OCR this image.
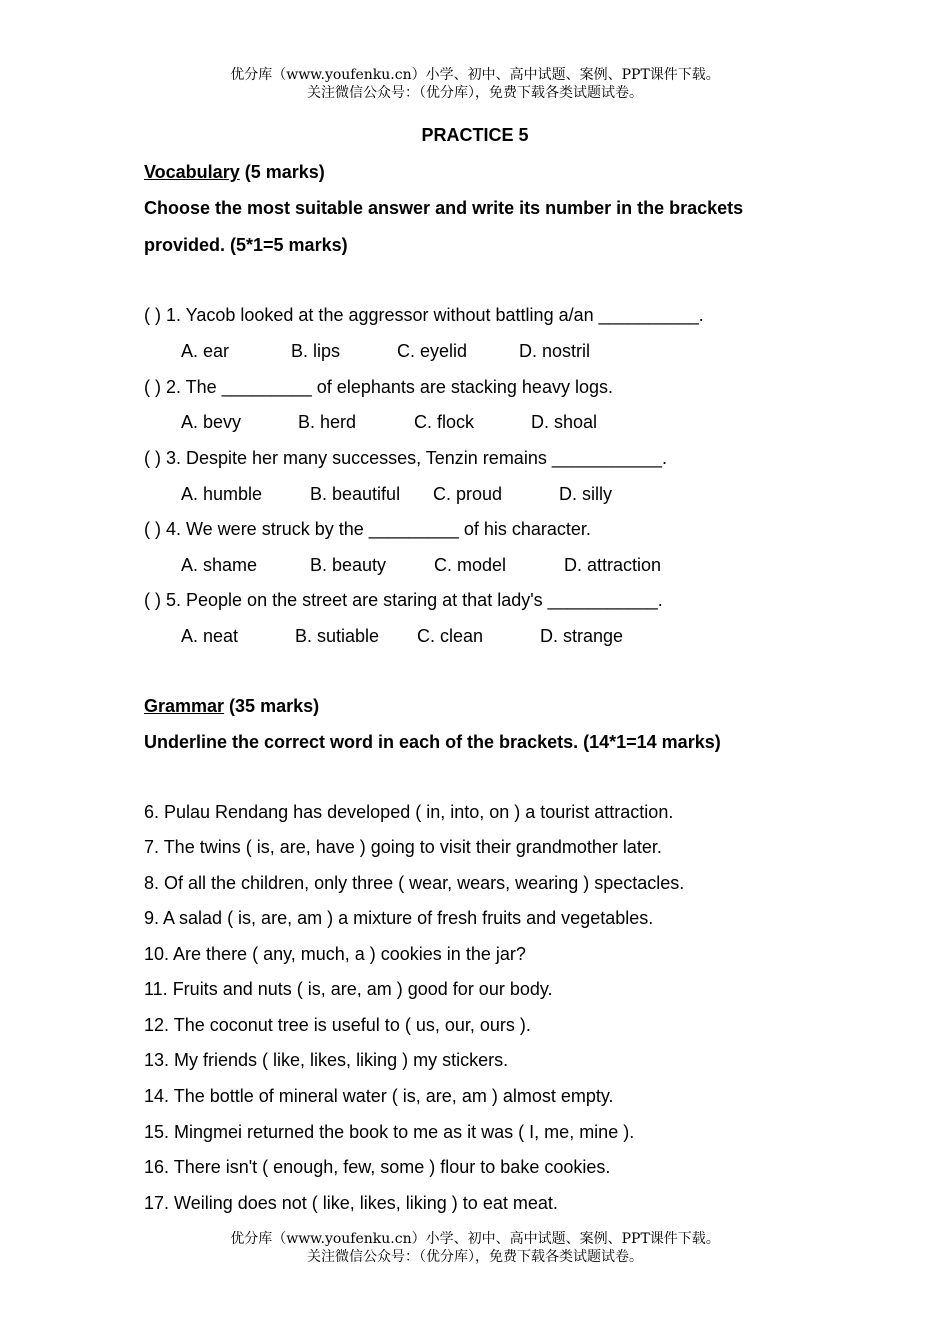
优分库（www.youfenku.cn）小学、初中、高中试题、案例、PPT课件下载。
关注微信公众号：（优分库），免费下载各类试题试卷。
PRACTICE 5
Vocabulary (5 marks)
Choose the most suitable answer and write its number in the brackets
provided. (5*1=5 marks)
( ) 1. Yacob looked at the aggressor without battling a/an __________.
A. ear	B. lips	C. eyelid	D. nostril
( ) 2. The _________ of elephants are stacking heavy logs.
A. bevy	B. herd	C. flock	D. shoal
( ) 3. Despite her many successes, Tenzin remains ___________.
A. humble	B. beautiful C. proud	D. silly
( ) 4. We were struck by the _________ of his character.
A. shame	B. beauty	C. model	D. attraction
( ) 5. People on the street are staring at that lady's ___________.
A. neat	B. sutiable C. clean	D. strange
Grammar (35 marks)
Underline the correct word in each of the brackets. (14*1=14 marks)
6. Pulau Rendang has developed ( in, into, on ) a tourist attraction.
7. The twins ( is, are, have ) going to visit their grandmother later.
8. Of all the children, only three ( wear, wears, wearing ) spectacles.
9. A salad ( is, are, am ) a mixture of fresh fruits and vegetables.
10. Are there ( any, much, a ) cookies in the jar?
11. Fruits and nuts ( is, are, am ) good for our body.
12. The coconut tree is useful to ( us, our, ours ).
13. My friends ( like, likes, liking ) my stickers.
14. The bottle of mineral water ( is, are, am ) almost empty.
15. Mingmei returned the book to me as it was ( I, me, mine ).
16. There isn't ( enough, few, some ) flour to bake cookies.
17. Weiling does not ( like, likes, liking ) to eat meat.
优分库（www.youfenku.cn）小学、初中、高中试题、案例、PPT课件下载。
关注微信公众号：（优分库），免费下载各类试题试卷。
